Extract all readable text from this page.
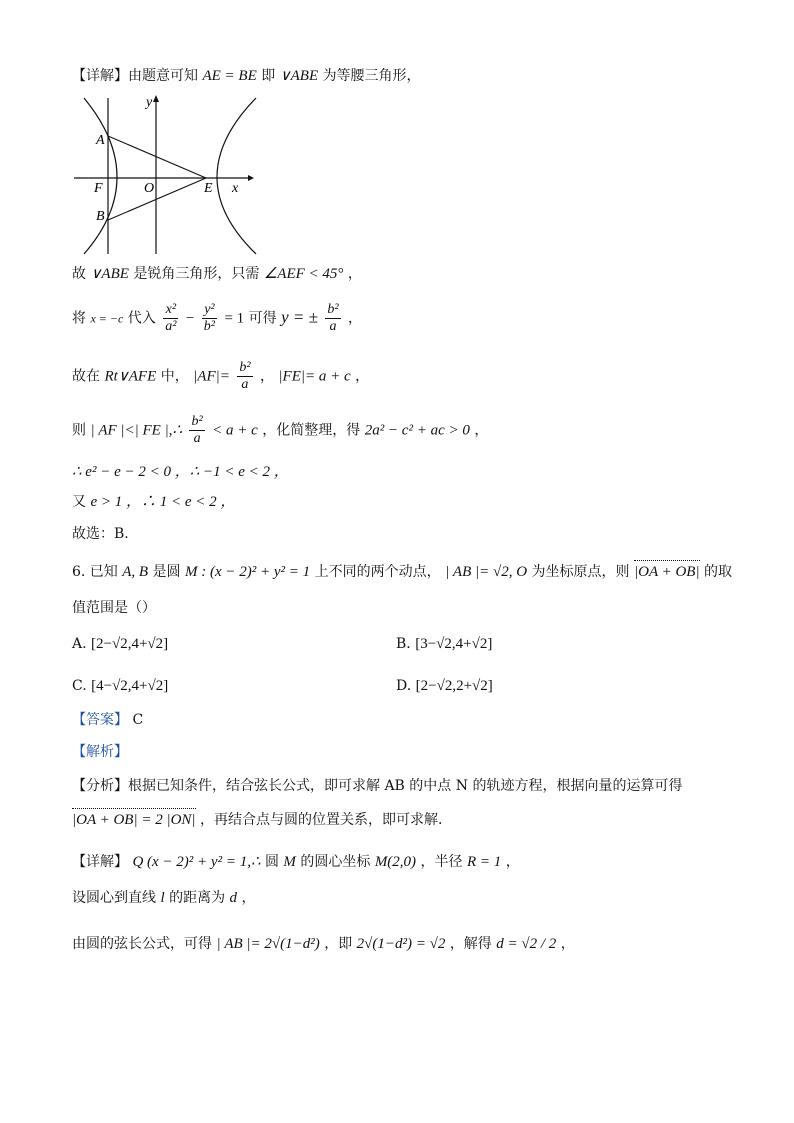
【详解】由题意可知 AE = BE 即 ∨ABE 为等腰三角形，
y
x
A
B
F	O	E
故 ∨ABE 是锐角三角形，只需 ∠AEF < 45° ，
将 x = −c 代入 $\frac{\text{x²}}{\text{a²}} - \frac{\text{y²}}{\text{b²}} = 1$ 可得 y = ± $\frac{\text{b²}}{a}$ ，
故在 Rt∨AFE 中， $|AF|= \frac{\text{b²}}{a}$ ， |FE|= a + c ，
则 | AF |<| FE |,∴ $\frac{\text{b²}}{a} < a + c$ ，化简整理，得 2a² − c² + ac > 0 ，
∴ e² − e − 2 < 0 ，∴ −1 < e < 2 ，
又 e > 1 ，∴ 1 < e < 2 ，
故选：B.
6. 已知 A, B 是圆 M : (x − 2)² + y² = 1 上不同的两个动点， | AB |= √2, O 为坐标原点，则 |OA + OB| 的取
值范围是（）
A. [2−√2,4+√2]	B. [3−√2,4+√2]
C. [4−√2,4+√2]	D. [2−√2,2+√2]
【答案】 C
【解析】
【分析】根据已知条件，结合弦长公式，即可求解 AB 的中点 N 的轨迹方程，根据向量的运算可得
|OA + OB| = 2 |ON| ，再结合点与圆的位置关系，即可求解.
【详解】 Q (x − 2)² + y² = 1,∴ 圆 M 的圆心坐标 M(2,0) ，半径 R = 1 ，
设圆心到直线 l 的距离为 d ，
由圆的弦长公式，可得 | AB |= 2√(1−d²) ，即 2√(1−d²) = √2 ，解得 d = √2 / 2 ，
